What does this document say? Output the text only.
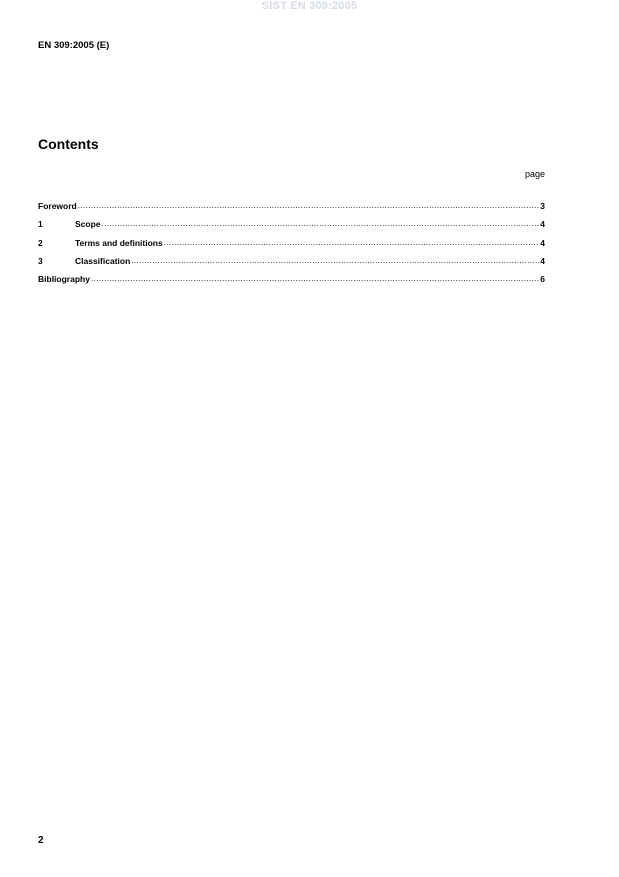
SIST EN 309:2005
EN 309:2005 (E)
Contents
page
Foreword .....	3
1	Scope .....	4
2	Terms and definitions .....	4
3	Classification .....	4
Bibliography .....	6
2
